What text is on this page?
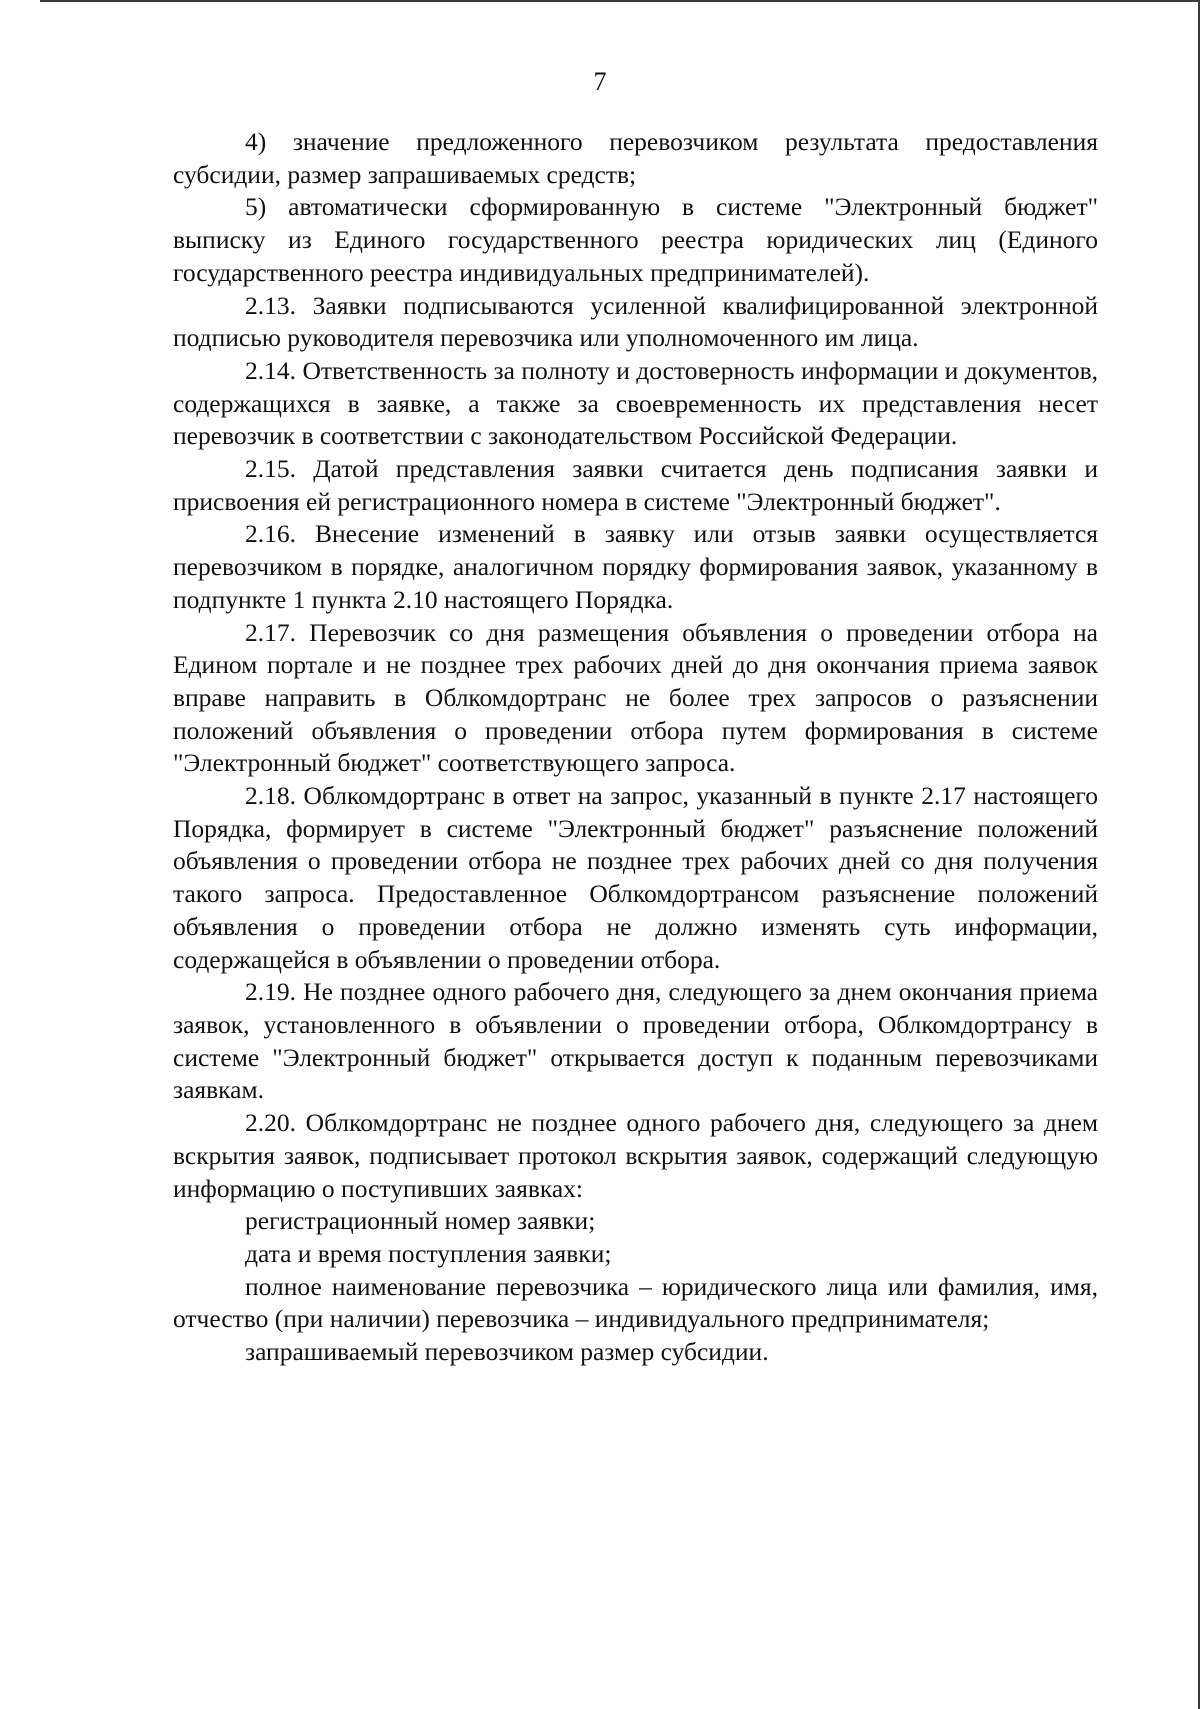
7

4) значение предложенного перевозчиком результата предоставления субсидии, размер запрашиваемых средств;

5) автоматически сформированную в системе "Электронный бюджет" выписку из Единого государственного реестра юридических лиц (Единого государственного реестра индивидуальных предпринимателей).

2.13. Заявки подписываются усиленной квалифицированной электронной подписью руководителя перевозчика или уполномоченного им лица.

2.14. Ответственность за полноту и достоверность информации и документов, содержащихся в заявке, а также за своевременность их представления несет перевозчик в соответствии с законодательством Российской Федерации.

2.15. Датой представления заявки считается день подписания заявки и присвоения ей регистрационного номера в системе "Электронный бюджет".

2.16. Внесение изменений в заявку или отзыв заявки осуществляется перевозчиком в порядке, аналогичном порядку формирования заявок, указанному в подпункте 1 пункта 2.10 настоящего Порядка.

2.17. Перевозчик со дня размещения объявления о проведении отбора на Едином портале и не позднее трех рабочих дней до дня окончания приема заявок вправе направить в Облкомдортранс не более трех запросов о разъяснении положений объявления о проведении отбора путем формирования в системе "Электронный бюджет" соответствующего запроса.

2.18. Облкомдортранс в ответ на запрос, указанный в пункте 2.17 настоящего Порядка, формирует в системе "Электронный бюджет" разъяснение положений объявления о проведении отбора не позднее трех рабочих дней со дня получения такого запроса. Предоставленное Облкомдортрансом разъяснение положений объявления о проведении отбора не должно изменять суть информации, содержащейся в объявлении о проведении отбора.

2.19. Не позднее одного рабочего дня, следующего за днем окончания приема заявок, установленного в объявлении о проведении отбора, Облкомдортрансу в системе "Электронный бюджет" открывается доступ к поданным перевозчиками заявкам.

2.20. Облкомдортранс не позднее одного рабочего дня, следующего за днем вскрытия заявок, подписывает протокол вскрытия заявок, содержащий следующую информацию о поступивших заявках:

регистрационный номер заявки;

дата и время поступления заявки;

полное наименование перевозчика – юридического лица или фамилия, имя, отчество (при наличии) перевозчика – индивидуального предпринимателя;

запрашиваемый перевозчиком размер субсидии.
